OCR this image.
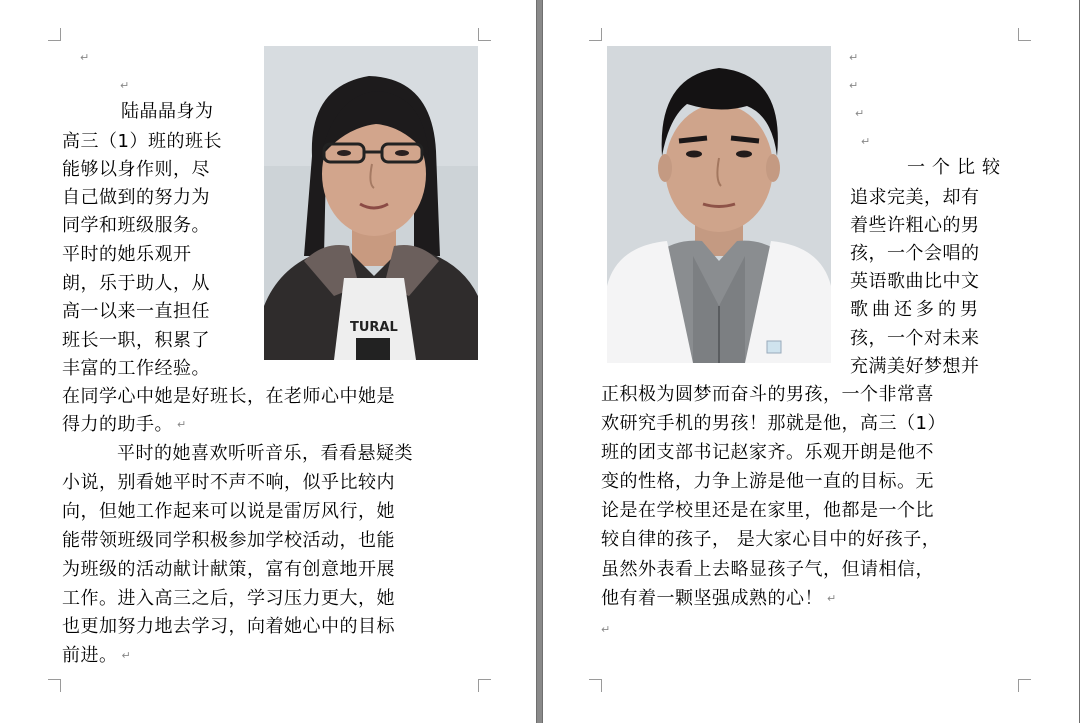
↵
↵
TURAL
陆晶晶身为
高三（1）班的班长
能够以身作则，尽
自己做到的努力为
同学和班级服务。
平时的她乐观开
朗，乐于助人，从
高一以来一直担任
班长一职，积累了
丰富的工作经验。
在同学心中她是好班长，在老师心中她是
得力的助手。 ↵
平时的她喜欢听听音乐，看看悬疑类
小说，别看她平时不声不响，似乎比较内
向，但她工作起来可以说是雷厉风行，她
能带领班级同学积极参加学校活动，也能
为班级的活动献计献策，富有创意地开展
工作。进入高三之后，学习压力更大，她
也更加努力地去学习，向着她心中的目标
前进。 ↵
↵
↵
↵
↵
↵
一个比较
追求完美，却有
着些许粗心的男
孩，一个会唱的
英语歌曲比中文
歌曲还多的男
孩，一个对未来
充满美好梦想并
正积极为圆梦而奋斗的男孩，一个非常喜
欢研究手机的男孩！那就是他，高三（1）
班的团支部书记赵家齐。乐观开朗是他不
变的性格，力争上游是他一直的目标。无
论是在学校里还是在家里，他都是一个比
较自律的孩子， 是大家心目中的好孩子，
虽然外表看上去略显孩子气，但请相信，
他有着一颗坚强成熟的心！ ↵
